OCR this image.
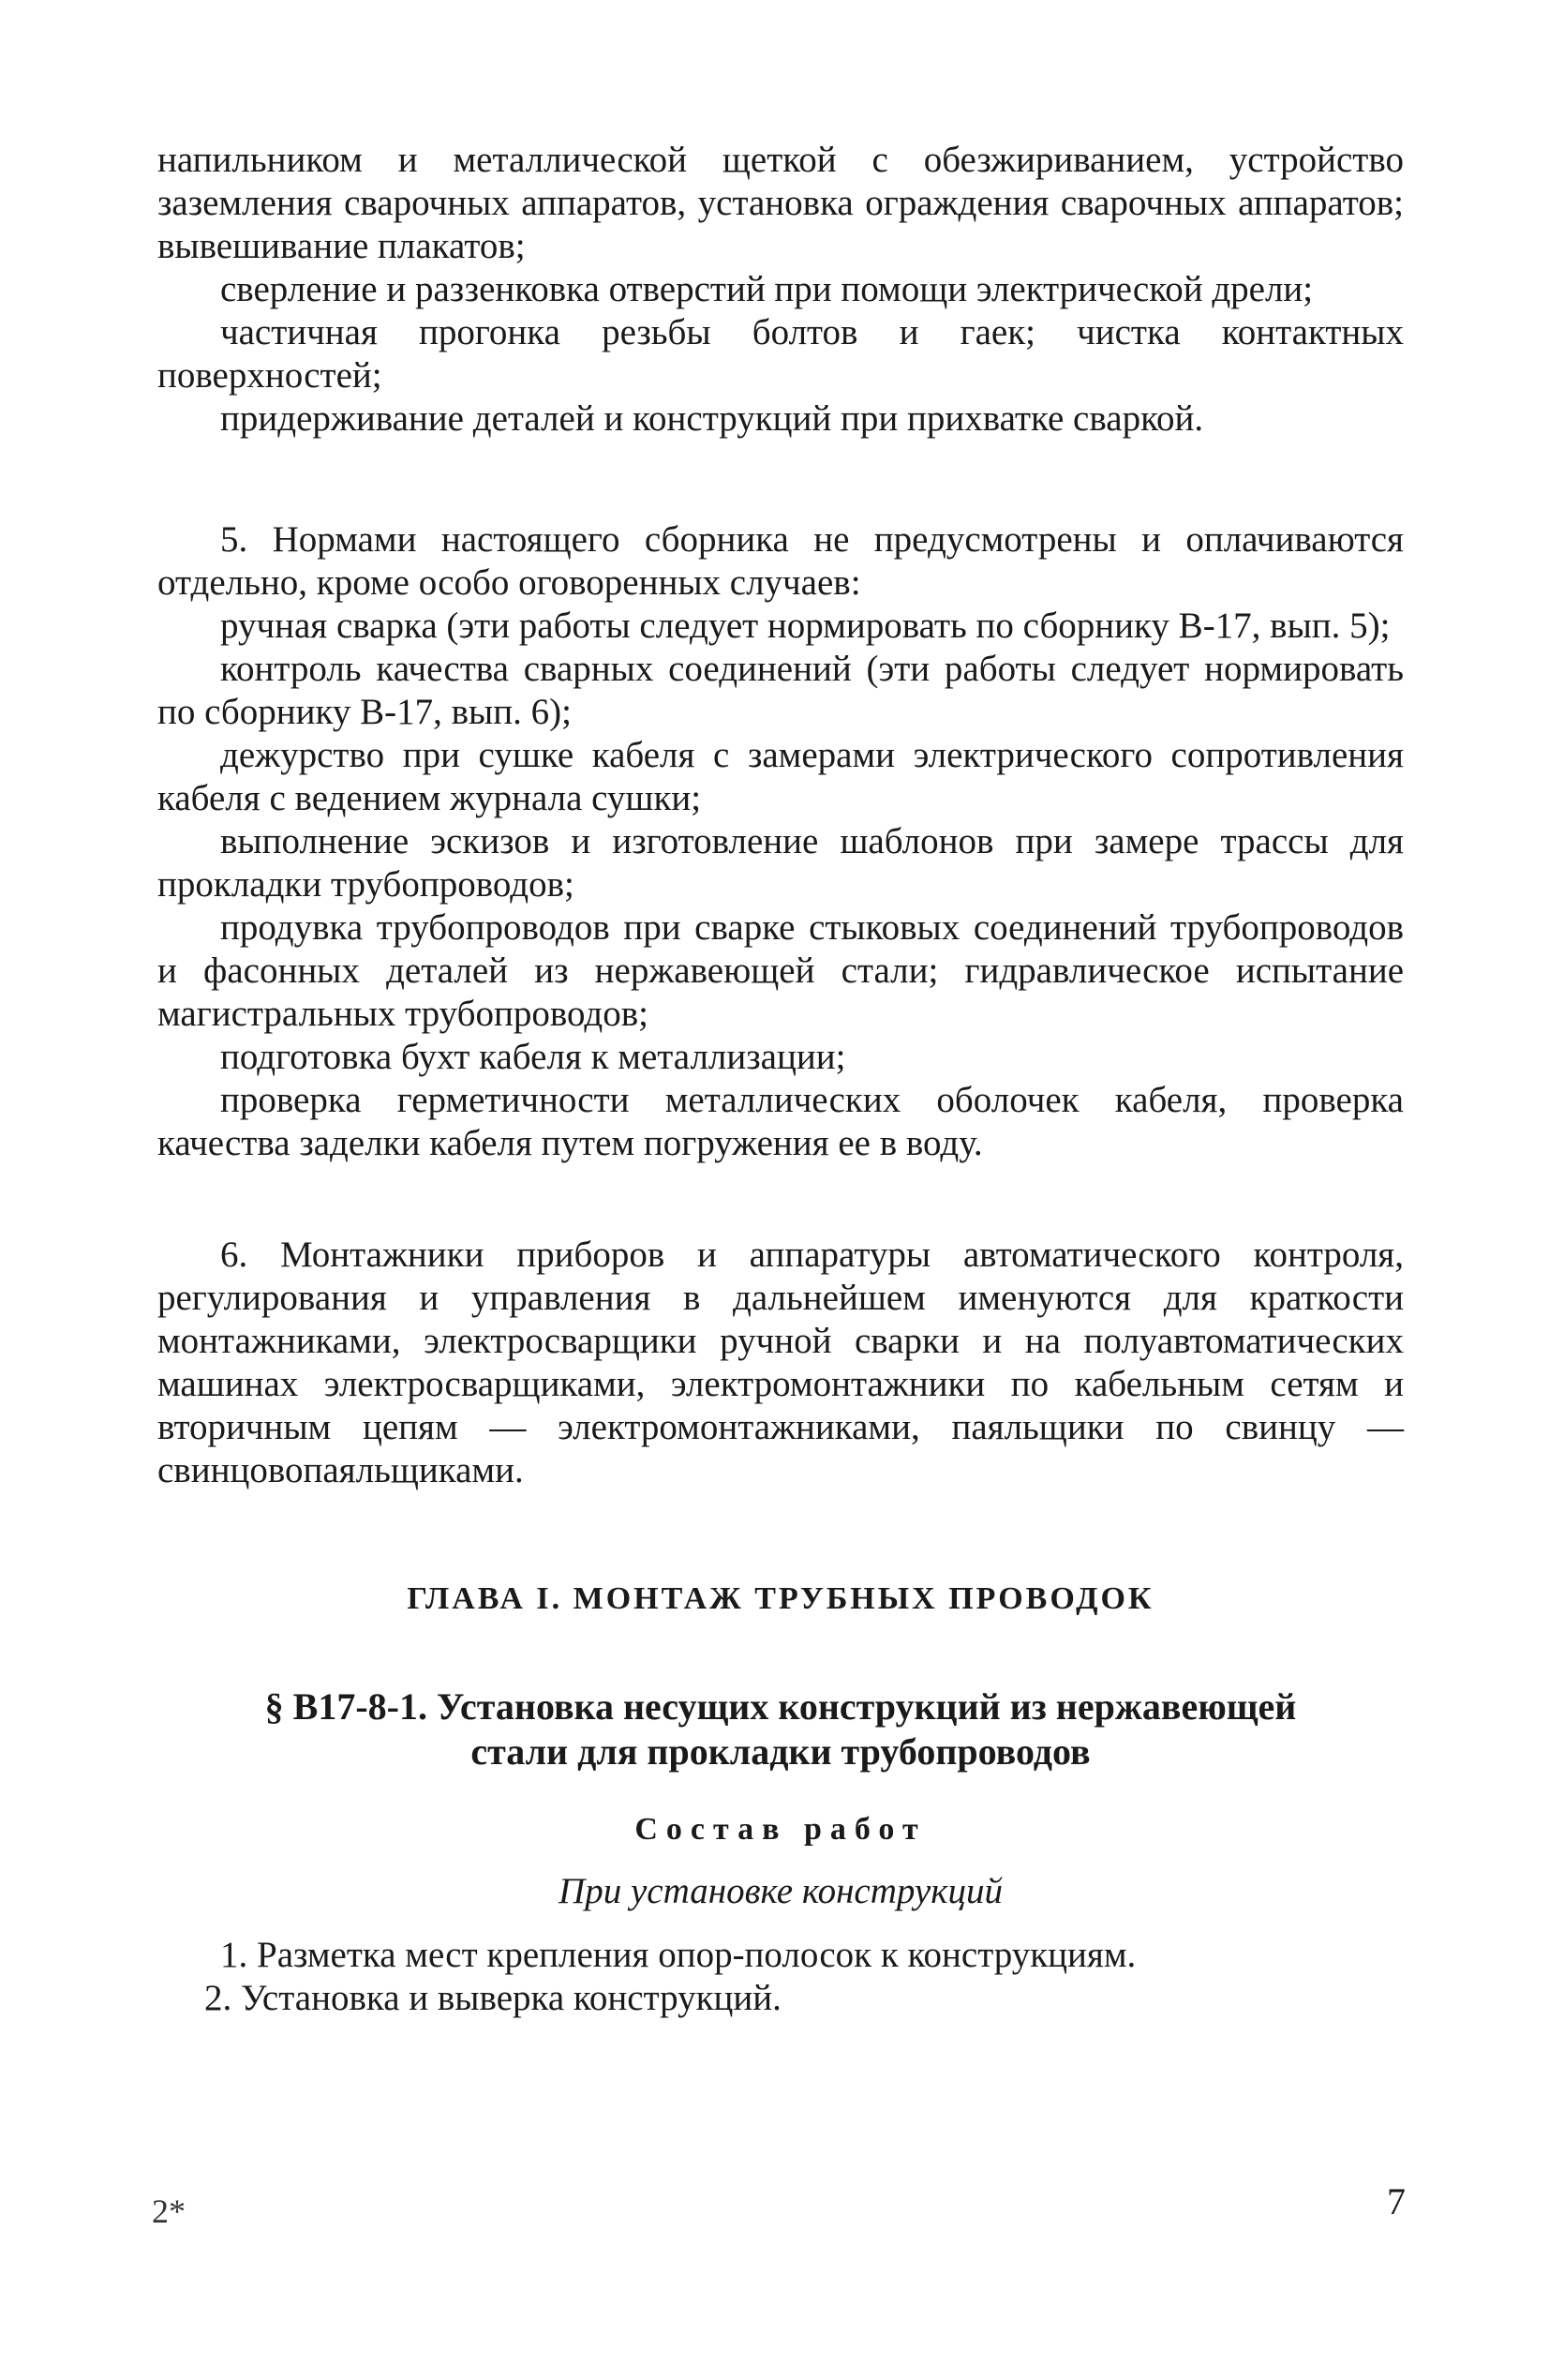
напильником и металлической щеткой с обезжириванием, устройство заземления сварочных аппаратов, установка ограждения сварочных аппаратов; вывешивание плакатов;

сверление и раззенковка отверстий при помощи электрической дрели;

частичная прогонка резьбы болтов и гаек; чистка контактных поверхностей;

придерживание деталей и конструкций при прихватке сваркой.

5. Нормами настоящего сборника не предусмотрены и оплачиваются отдельно, кроме особо оговоренных случаев:

ручная сварка (эти работы следует нормировать по сборнику В-17, вып. 5);

контроль качества сварных соединений (эти работы следует нормировать по сборнику В-17, вып. 6);

дежурство при сушке кабеля с замерами электрического сопротивления кабеля с ведением журнала сушки;

выполнение эскизов и изготовление шаблонов при замере трассы для прокладки трубопроводов;

продувка трубопроводов при сварке стыковых соединений трубопроводов и фасонных деталей из нержавеющей стали; гидравлическое испытание магистральных трубопроводов;

подготовка бухт кабеля к металлизации;

проверка герметичности металлических оболочек кабеля, проверка качества заделки кабеля путем погружения ее в воду.

6. Монтажники приборов и аппаратуры автоматического контроля, регулирования и управления в дальнейшем именуются для краткости монтажниками, электросварщики ручной сварки и на полуавтоматических машинах электросварщиками, электромонтажники по кабельным сетям и вторичным цепям — электромонтажниками, паяльщики по свинцу — свинцовопаяльщиками.

ГЛАВА I. МОНТАЖ ТРУБНЫХ ПРОВОДОК
§ В17-8-1. Установка несущих конструкций из нержавеющей
стали для прокладки трубопроводов
Состав работ
При установке конструкций

1. Разметка мест крепления опор-полосок к конструкциям.

2. Установка и выверка конструкций.

2*	7
